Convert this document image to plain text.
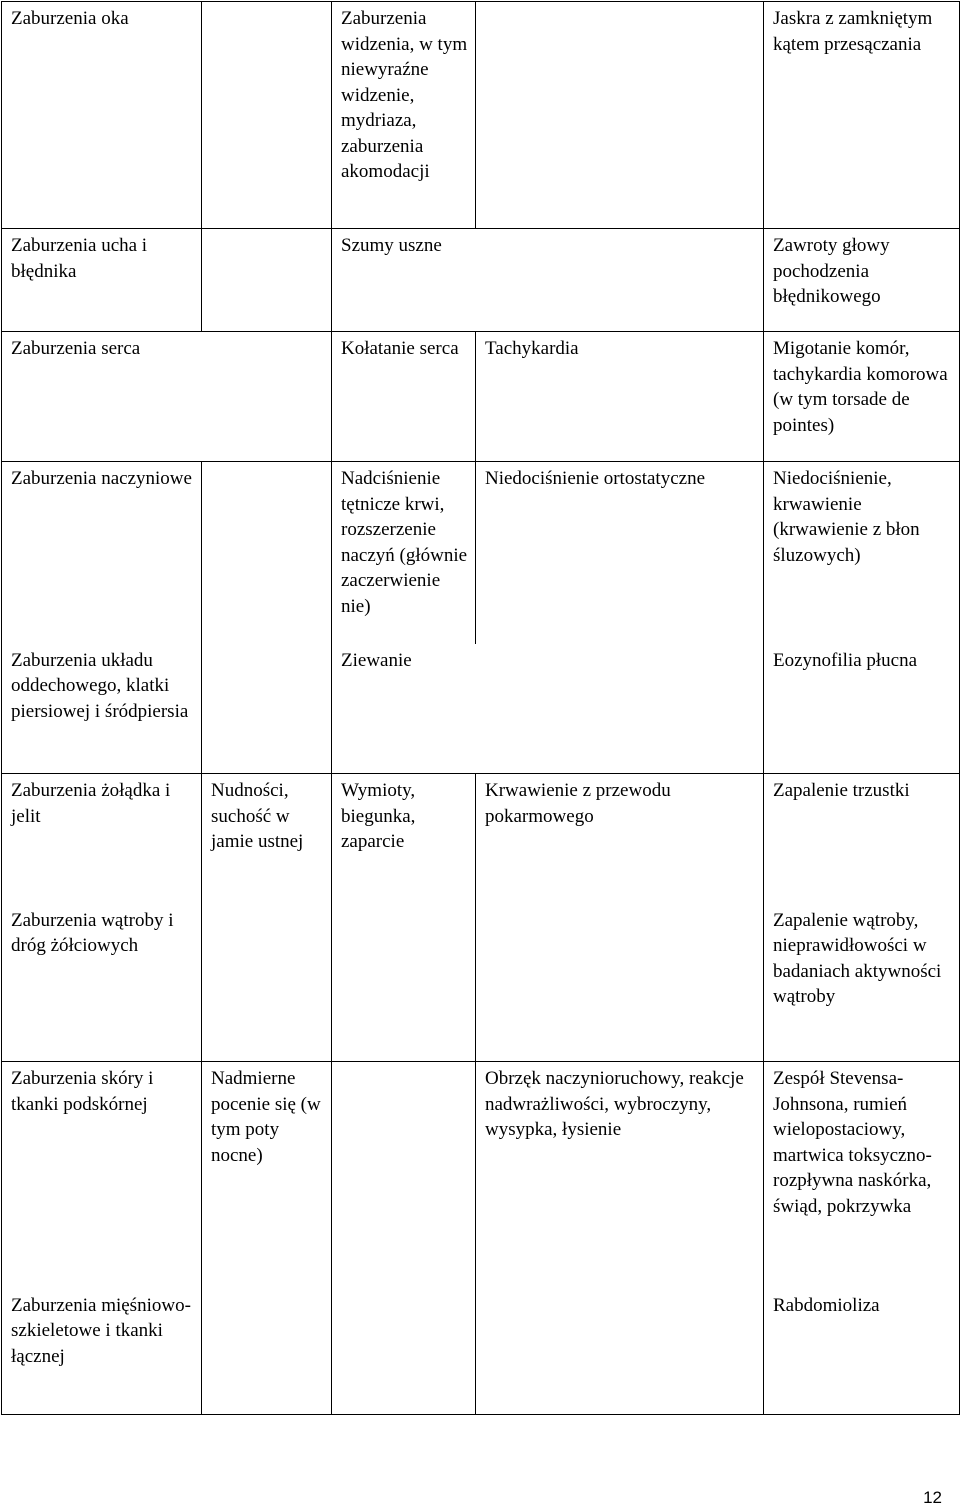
Zaburzenia oka		Zaburzenia widzenia, w tym niewyraźne widzenie, mydriaza, zaburzenia akomodacji		Jaskra z zamkniętym kątem przesączania
Zaburzenia ucha i błędnika		Szumy uszne		Zawroty głowy pochodzenia błędnikowego
Zaburzenia serca		Kołatanie serca	Tachykardia	Migotanie komór, tachykardia komorowa (w tym torsade de pointes)
Zaburzenia naczyniowe		Nadciśnienie tętnicze krwi, rozszerzenie naczyń (głównie zaczerwienie nie)	Niedociśnienie ortostatyczne	Niedociśnienie, krwawienie (krwawienie z błon śluzowych)
Zaburzenia układu oddechowego, klatki piersiowej i śródpiersia		Ziewanie		Eozynofilia płucna
Zaburzenia żołądka i jelit	Nudności, suchość w jamie ustnej	Wymioty, biegunka, zaparcie	Krwawienie z przewodu pokarmowego	Zapalenie trzustki
Zaburzenia wątroby i dróg żółciowych				Zapalenie wątroby, nieprawidłowości w badaniach aktywności wątroby
Zaburzenia skóry i tkanki podskórnej	Nadmierne pocenie się (w tym poty nocne)		Obrzęk naczynioruchowy, reakcje nadwrażliwości, wybroczyny, wysypka, łysienie	Zespół Stevensa-Johnsona, rumień wielopostaciowy, martwica toksyczno-rozpływna naskórka, świąd, pokrzywka
Zaburzenia mięśniowo-szkieletowe i tkanki łącznej				Rabdomioliza
12
